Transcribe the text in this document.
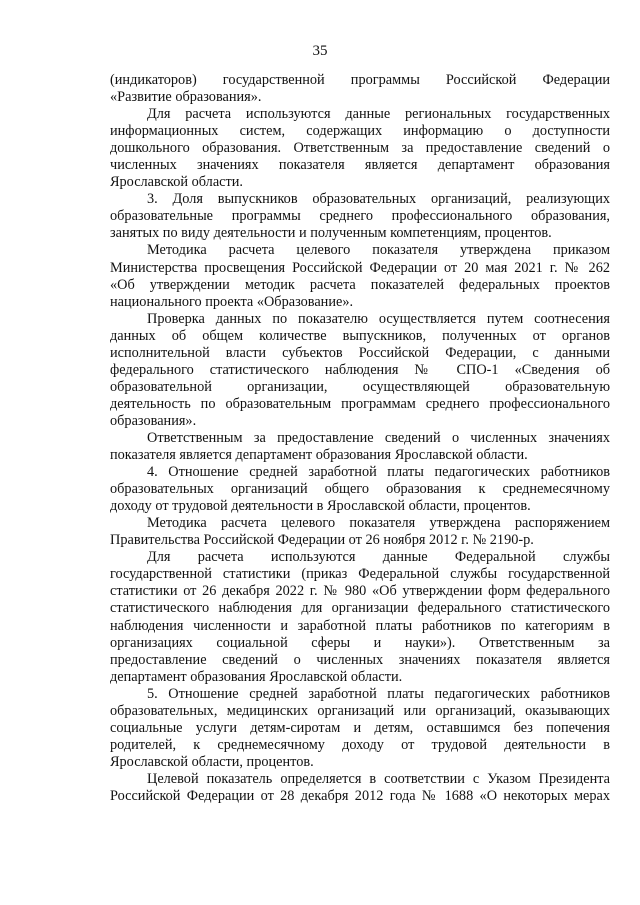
35
(индикаторов) государственной программы Российской Федерации
«Развитие образования».
Для расчета используются данные региональных государственных
информационных систем, содержащих информацию о доступности
дошкольного образования. Ответственным за предоставление сведений о
численных значениях показателя является департамент образования
Ярославской области.
3. Доля выпускников образовательных организаций, реализующих
образовательные программы среднего профессионального образования,
занятых по виду деятельности и полученным компетенциям, процентов.
Методика расчета целевого показателя утверждена приказом
Министерства просвещения Российской Федерации от 20 мая 2021 г. № 262
«Об утверждении методик расчета показателей федеральных проектов
национального проекта «Образование».
Проверка данных по показателю осуществляется путем соотнесения
данных об общем количестве выпускников, полученных от органов
исполнительной власти субъектов Российской Федерации, с данными
федерального статистического наблюдения № СПО-1 «Сведения об
образовательной организации, осуществляющей образовательную
деятельность по образовательным программам среднего профессионального
образования».
Ответственным за предоставление сведений о численных значениях
показателя является департамент образования Ярославской области.
4. Отношение средней заработной платы педагогических работников
образовательных организаций общего образования к среднемесячному
доходу от трудовой деятельности в Ярославской области, процентов.
Методика расчета целевого показателя утверждена распоряжением
Правительства Российской Федерации от 26 ноября 2012 г. № 2190-р.
Для расчета используются данные Федеральной службы
государственной статистики (приказ Федеральной службы государственной
статистики от 26 декабря 2022 г. № 980 «Об утверждении форм федерального
статистического наблюдения для организации федерального статистического
наблюдения численности и заработной платы работников по категориям в
организациях социальной сферы и науки»). Ответственным за
предоставление сведений о численных значениях показателя является
департамент образования Ярославской области.
5. Отношение средней заработной платы педагогических работников
образовательных, медицинских организаций или организаций, оказывающих
социальные услуги детям-сиротам и детям, оставшимся без попечения
родителей, к среднемесячному доходу от трудовой деятельности в
Ярославской области, процентов.
Целевой показатель определяется в соответствии с Указом Президента
Российской Федерации от 28 декабря 2012 года № 1688 «О некоторых мерах
